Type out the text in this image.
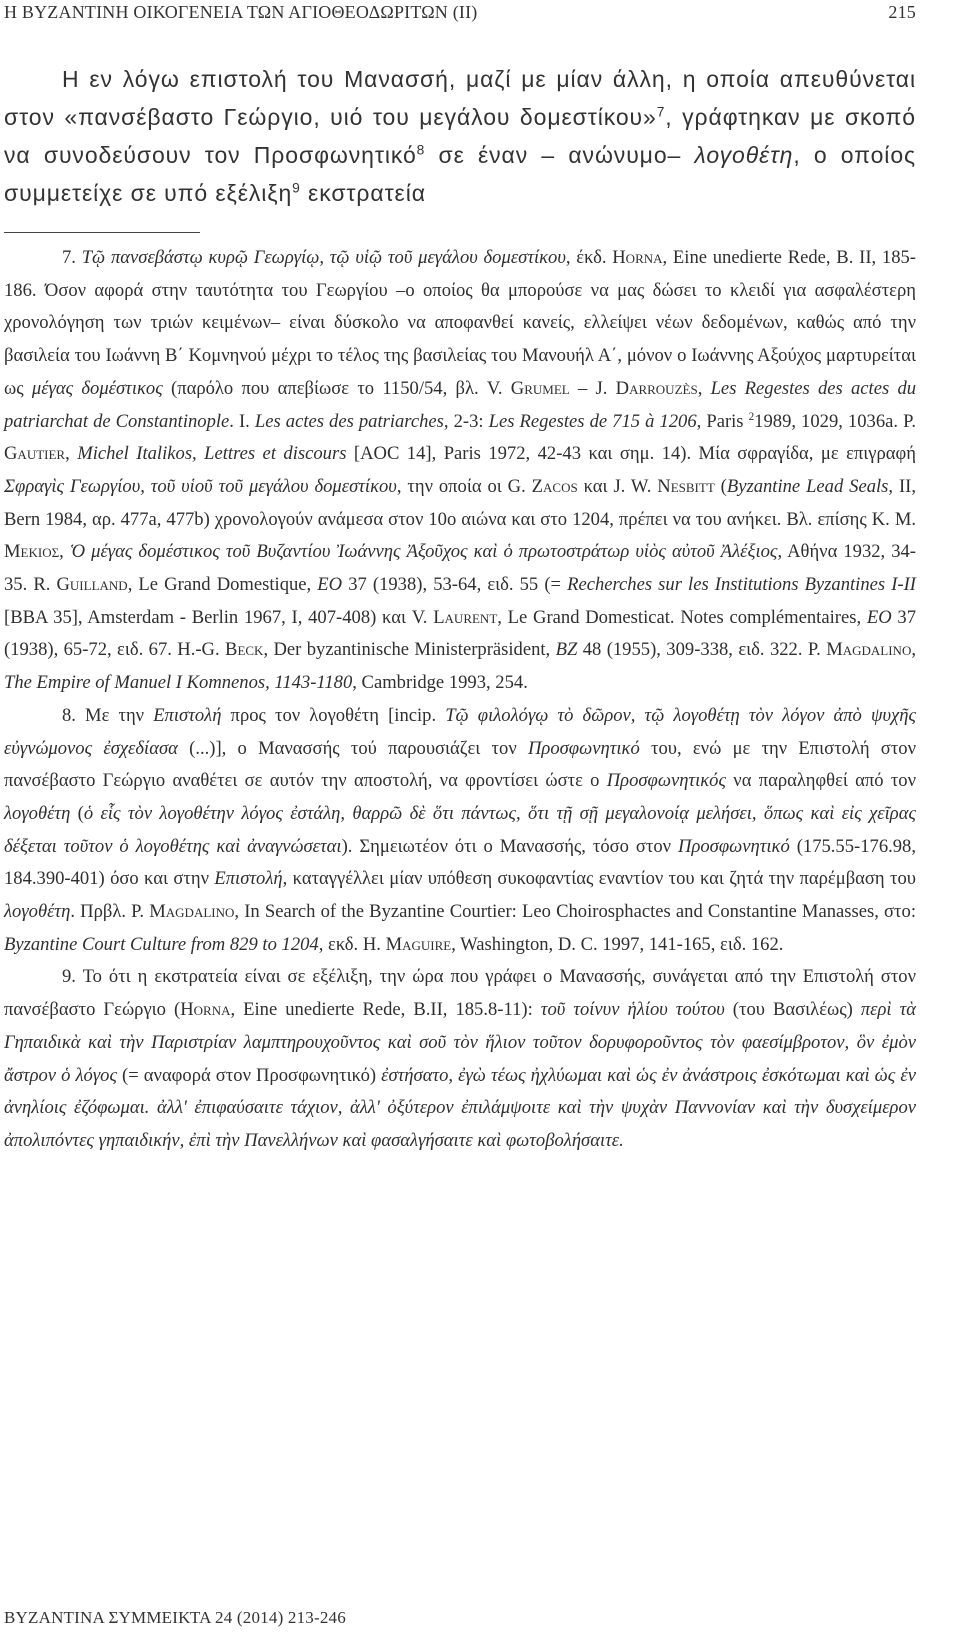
Η ΒΥΖΑΝΤΙΝΗ ΟΙΚΟΓΕΝΕΙΑ ΤΩΝ ΑΓΙΟΘΕΟΔΩΡΙΤΩΝ (ΙΙ)	215

Η εν λόγω επιστολή του Μανασσή, μαζί με μίαν άλλη, η οποία απευθύνεται στον «πανσέβαστο Γεώργιο, υιό του μεγάλου δομεστίκου»$^7$, γράφτηκαν με σκοπό να συνοδεύσουν τον Προσφωνητικό$^8$ σε έναν – ανώνυμο– λογοθέτη, ο οποίος συμμετείχε σε υπό εξέλιξη$^9$ εκστρατεία

7. Τῷ πανσεβάστῳ κυρῷ Γεωργίῳ, τῷ υἱῷ τοῦ μεγάλου δομεστίκου, έκδ. Horna, Eine unedierte Rede, B. II, 185-186. Όσον αφορά στην ταυτότητα του Γεωργίου –ο οποίος θα μπορούσε να μας δώσει το κλειδί για ασφαλέστερη χρονολόγηση των τριών κειμένων– είναι δύσκολο να αποφανθεί κανείς, ελλείψει νέων δεδομένων, καθώς από την βασιλεία του Ιωάννη Β΄ Κομνηνού μέχρι το τέλος της βασιλείας του Μανουήλ Α΄, μόνον ο Ιωάννης Αξούχος μαρτυρείται ως μέγας δομέστικος (παρόλο που απεβίωσε το 1150/54, βλ. V. Grumel – J. Darrouzès, Les Regestes des actes du patriarchat de Constantinople. I. Les actes des patriarches, 2-3: Les Regestes de 715 à 1206, Paris $^2$1989, 1029, 1036a. P. Gautier, Michel Italikos, Lettres et discours [AOC 14], Paris 1972, 42-43 και σημ. 14). Μία σφραγίδα, με επιγραφή Σφραγὶς Γεωργίου, τοῦ υἱοῦ τοῦ μεγάλου δομεστίκου, την οποία οι G. Zacos και J. W. Nesbitt (Byzantine Lead Seals, II, Bern 1984, αρ. 477a, 477b) χρονολογούν ανάμεσα στον 10ο αιώνα και στο 1204, πρέπει να του ανήκει. Βλ. επίσης Κ. Μ. Μεκιος, Ὁ μέγας δομέστικος τοῦ Βυζαντίου Ἰωάννης Ἀξοῦχος καὶ ὁ πρωτοστράτωρ υἱὸς αὐτοῦ Ἀλέξιος, Αθήνα 1932, 34-35. R. Guilland, Le Grand Domestique, EO 37 (1938), 53-64, ειδ. 55 (= Recherches sur les Institutions Byzantines I-II [BBA 35], Amsterdam - Berlin 1967, I, 407-408) και V. Laurent, Le Grand Domesticat. Notes complémentaires, EO 37 (1938), 65-72, ειδ. 67. H.-G. Beck, Der byzantinische Ministerpräsident, BZ 48 (1955), 309-338, ειδ. 322. P. Magdalino, The Empire of Manuel I Komnenos, 1143-1180, Cambridge 1993, 254.

8. Με την Επιστολή προς τον λογοθέτη [incip. Τῷ φιλολόγῳ τὸ δῶρον, τῷ λογοθέτῃ τὸν λόγον ἀπὸ ψυχῆς εὐγνώμονος ἐσχεδίασα (...)], ο Μανασσής τού παρουσιάζει τον Προσφωνητικό του, ενώ με την Επιστολή στον πανσέβαστο Γεώργιο αναθέτει σε αυτόν την αποστολή, να φροντίσει ώστε ο Προσφωνητικός να παραληφθεί από τον λογοθέτη (ὁ εἷς τὸν λογοθέτην λόγος ἐστάλη, θαρρῶ δὲ ὅτι πάντως, ὅτι τῇ σῇ μεγαλονοίᾳ μελήσει, ὅπως καὶ εἰς χεῖρας δέξεται τοῦτον ὁ λογοθέτης καὶ ἀναγνώσεται). Σημειωτέον ότι ο Μανασσής, τόσο στον Προσφωνητικό (175.55-176.98, 184.390-401) όσο και στην Επιστολή, καταγγέλλει μίαν υπόθεση συκοφαντίας εναντίον του και ζητά την παρέμβαση του λογοθέτη. Πρβλ. P. Magdalino, In Search of the Byzantine Courtier: Leo Choirosphactes and Constantine Manasses, στο: Byzantine Court Culture from 829 to 1204, εκδ. H. Maguire, Washington, D. C. 1997, 141-165, ειδ. 162.

9. Το ότι η εκστρατεία είναι σε εξέλιξη, την ώρα που γράφει ο Μανασσής, συνάγεται από την Επιστολή στον πανσέβαστο Γεώργιο (Horna, Eine unedierte Rede, B.II, 185.8-11): τοῦ τοίνυν ἡλίου τούτου (του Βασιλέως) περὶ τὰ Γηπαιδικὰ καὶ τὴν Παριστρίαν λαμπτηρουχοῦντος καὶ σοῦ τὸν ἥλιον τοῦτον δορυφοροῦντος τὸν φαεσίμβροτον, ὃν ἐμὸν ἄστρον ὁ λόγος (= αναφορά στον Προσφωνητικό) ἐστήσατο, ἐγὼ τέως ἠχλύωμαι καὶ ὡς ἐν ἀνάστροις ἐσκότωμαι καὶ ὡς ἐν ἀνηλίοις ἐζόφωμαι. ἀλλ' ἐπιφαύσαιτε τάχιον, ἀλλ' ὀξύτερον ἐπιλάμψοιτε καὶ τὴν ψυχὰν Παννονίαν καὶ τὴν δυσχείμερον ἀπολιπόντες γηπαιδικήν, ἐπὶ τὴν Πανελλήνων καὶ φασαλγήσαιτε καὶ φωτοβολήσαιτε.

ΒΥΖΑΝΤΙΝΑ ΣΥΜΜΕΙΚΤΑ 24 (2014) 213-246
